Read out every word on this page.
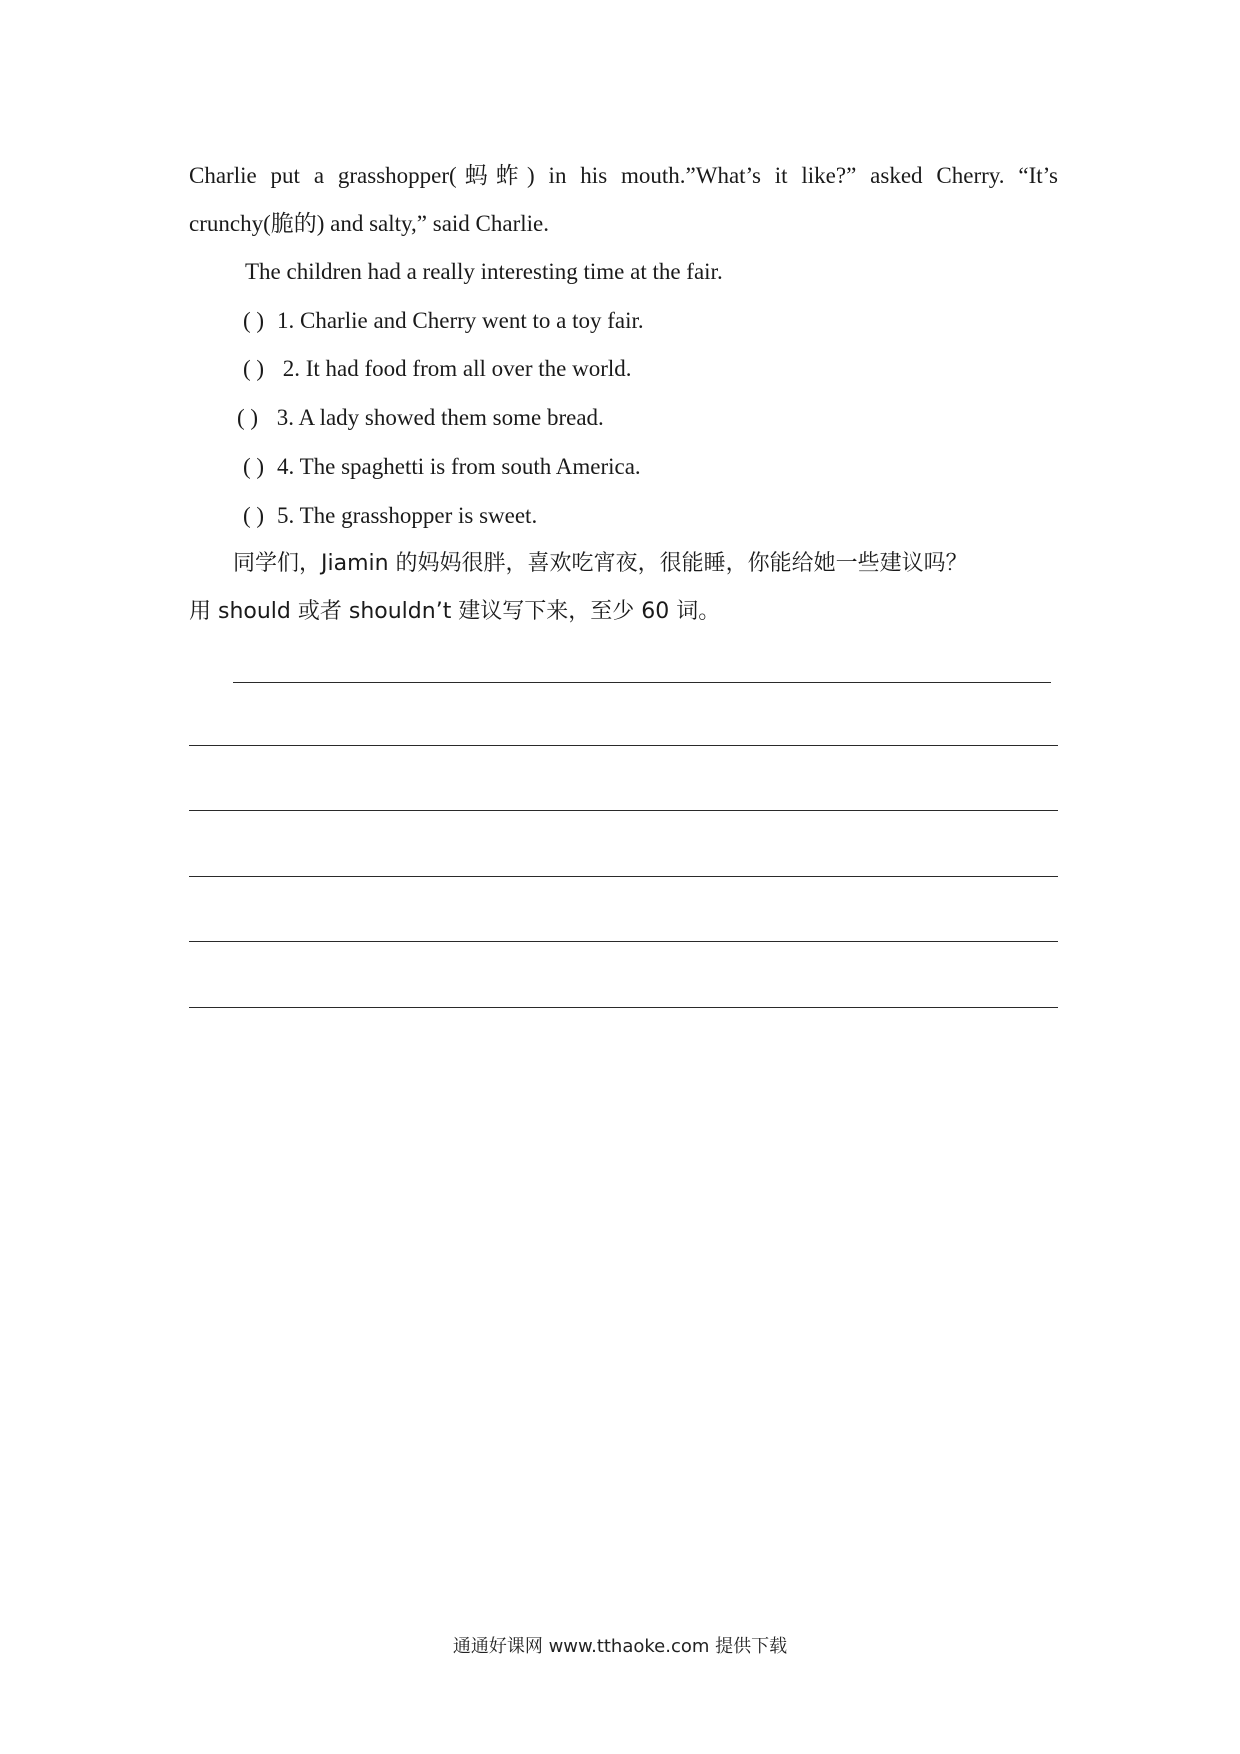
Charlie put a grasshopper(蚂蚱) in his mouth.”What’s it like?” asked Cherry. “It’s
crunchy(脆的) and salty,” said Charlie.
The children had a really interesting time at the fair.
( ) 1. Charlie and Cherry went to a toy fair.
( ) 2. It had food from all over the world.
( ) 3. A lady showed them some bread.
( ) 4. The spaghetti is from south America.
( ) 5. The grasshopper is sweet.
同学们，Jiamin 的妈妈很胖，喜欢吃宵夜，很能睡，你能给她一些建议吗？
用 should 或者 shouldn’t 建议写下来，至少 60 词。
通通好课网 www.tthaoke.com 提供下载
